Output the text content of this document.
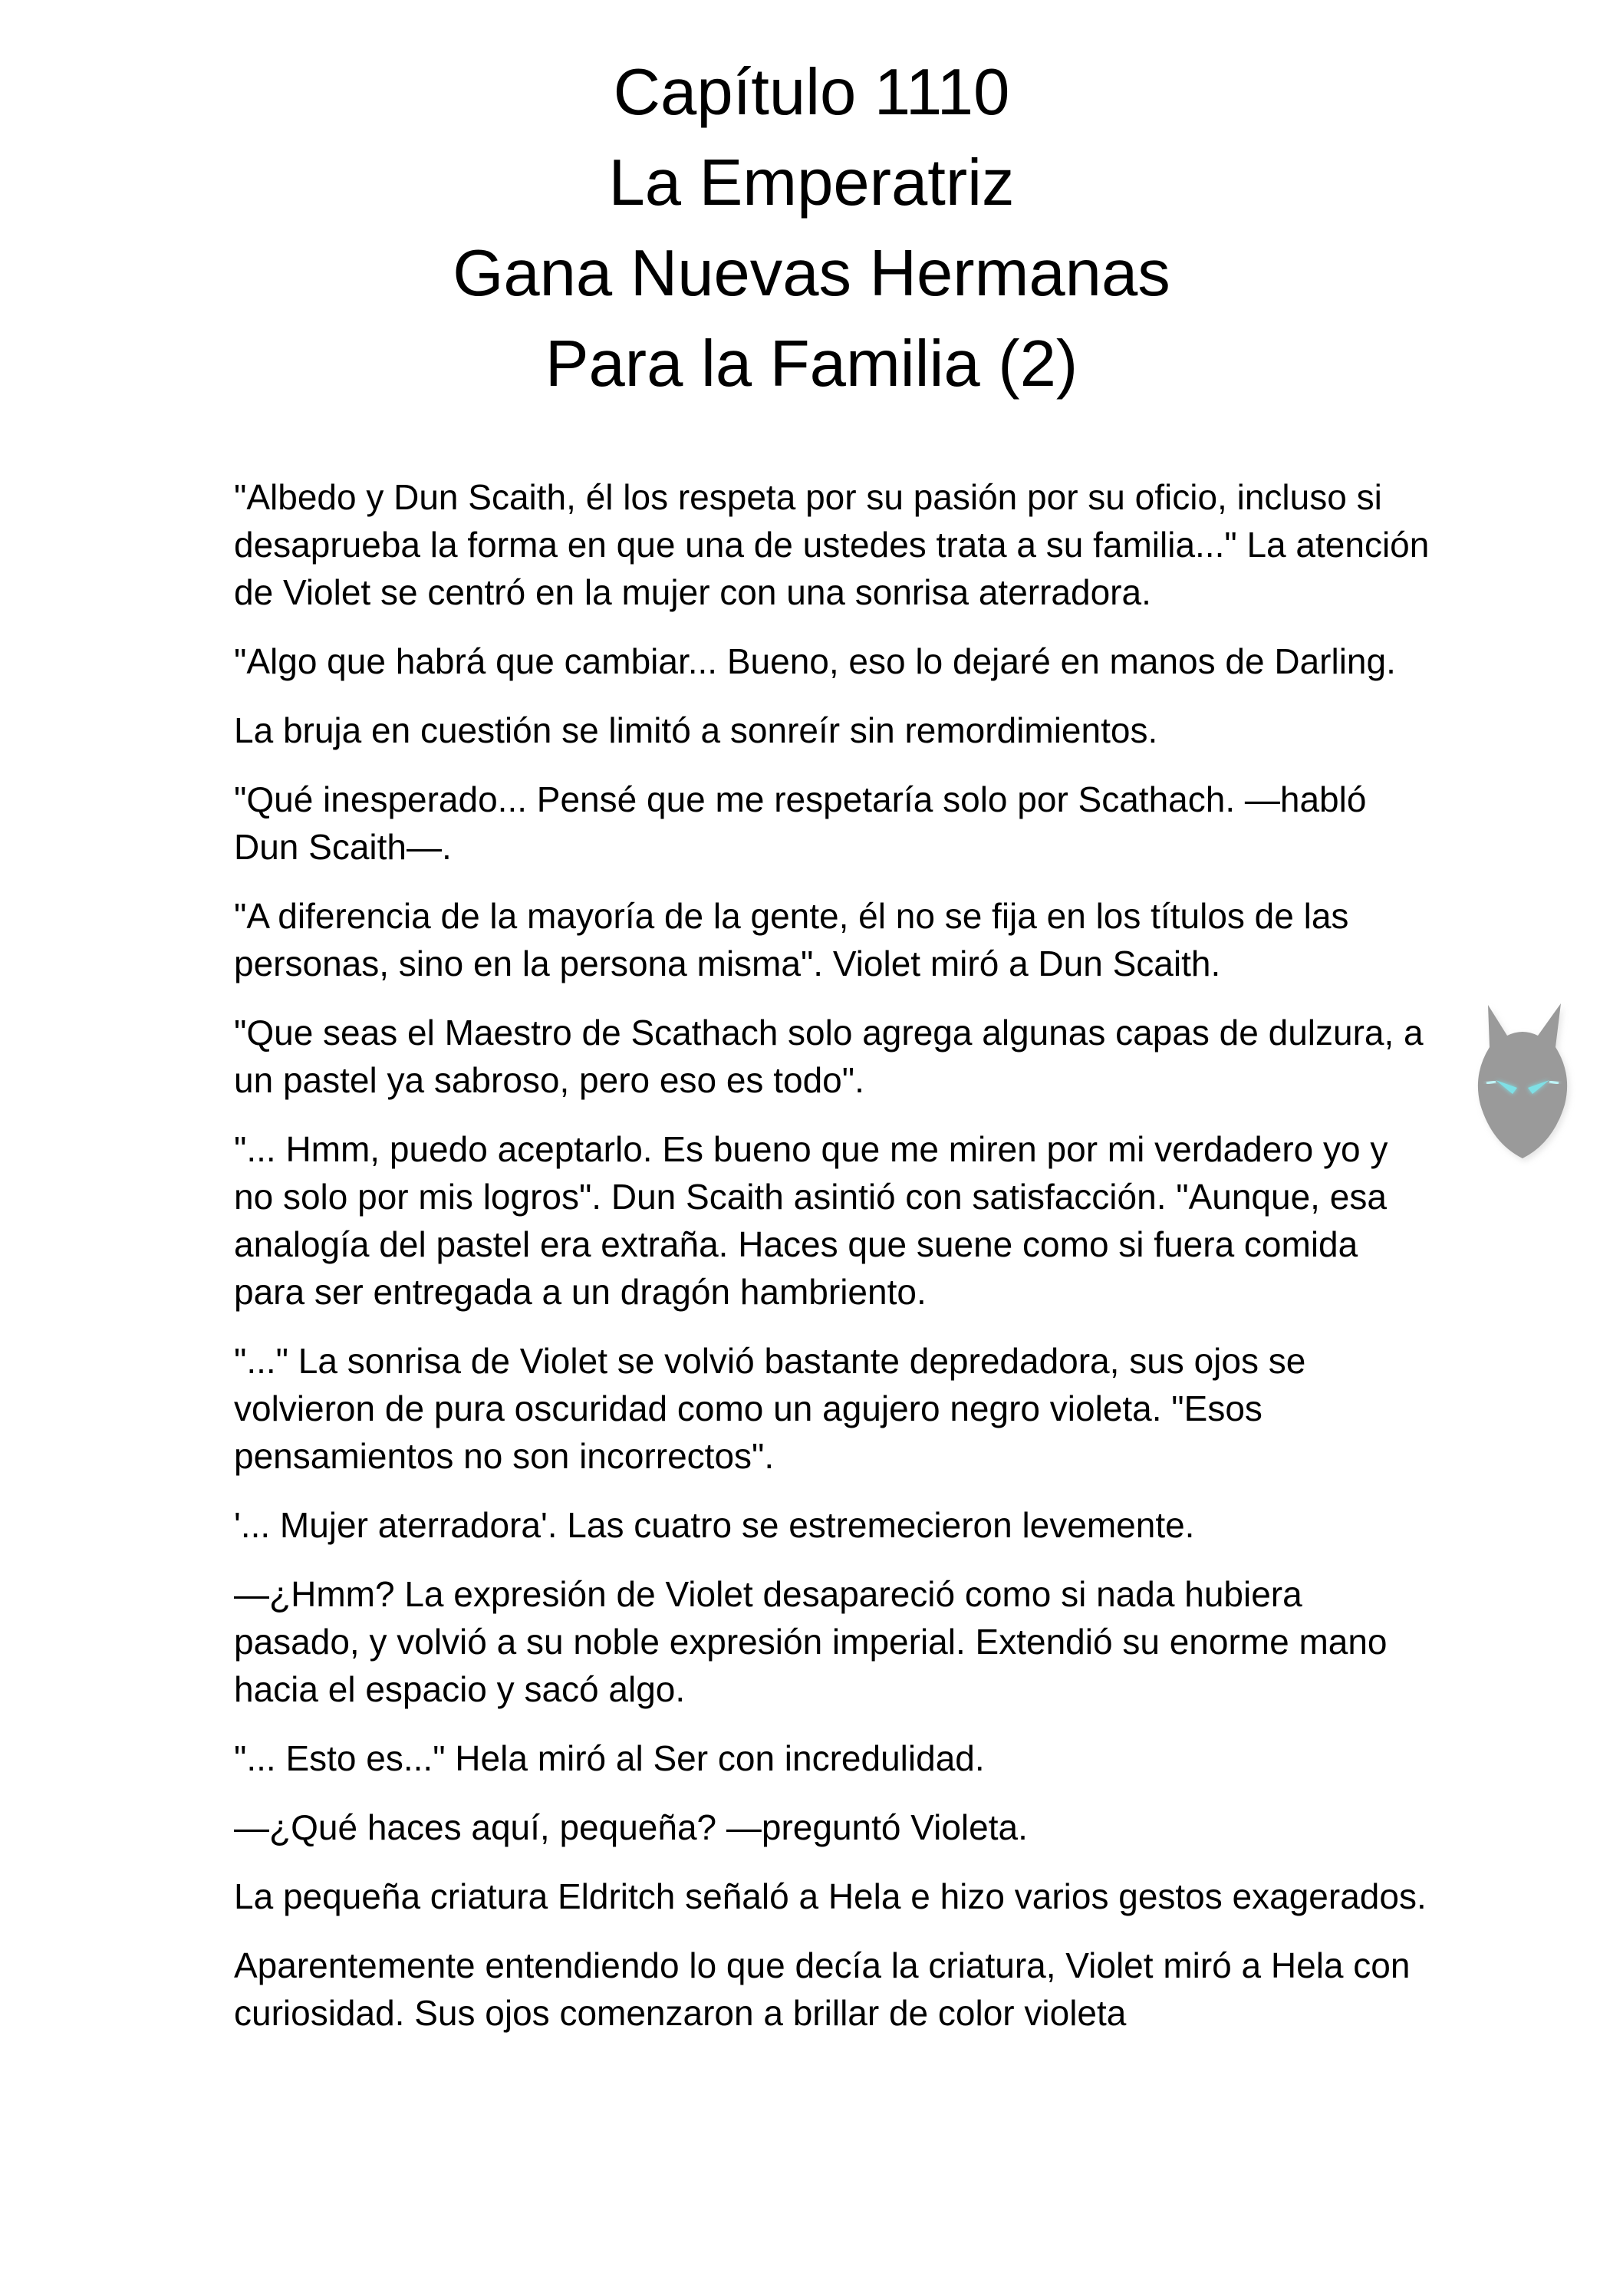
Capítulo 1110
La Emperatriz
Gana Nuevas Hermanas
Para la Familia (2)

"Albedo y Dun Scaith, él los respeta por su pasión por su oficio, incluso si desaprueba la forma en que una de ustedes trata a su familia..." La atención de Violet se centró en la mujer con una sonrisa aterradora.

"Algo que habrá que cambiar... Bueno, eso lo dejaré en manos de Darling.

La bruja en cuestión se limitó a sonreír sin remordimientos.

"Qué inesperado... Pensé que me respetaría solo por Scathach. —habló Dun Scaith—.

"A diferencia de la mayoría de la gente, él no se fija en los títulos de las personas, sino en la persona misma". Violet miró a Dun Scaith.

"Que seas el Maestro de Scathach solo agrega algunas capas de dulzura, a un pastel ya sabroso, pero eso es todo".

"... Hmm, puedo aceptarlo. Es bueno que me miren por mi verdadero yo y no solo por mis logros". Dun Scaith asintió con satisfacción. "Aunque, esa analogía del pastel era extraña. Haces que suene como si fuera comida para ser entregada a un dragón hambriento.

"..." La sonrisa de Violet se volvió bastante depredadora, sus ojos se volvieron de pura oscuridad como un agujero negro violeta. "Esos pensamientos no son incorrectos".

'... Mujer aterradora'. Las cuatro se estremecieron levemente.

—¿Hmm? La expresión de Violet desapareció como si nada hubiera pasado, y volvió a su noble expresión imperial. Extendió su enorme mano hacia el espacio y sacó algo.

"... Esto es..." Hela miró al Ser con incredulidad.

—¿Qué haces aquí, pequeña? —preguntó Violeta.

La pequeña criatura Eldritch señaló a Hela e hizo varios gestos exagerados.

Aparentemente entendiendo lo que decía la criatura, Violet miró a Hela con curiosidad. Sus ojos comenzaron a brillar de color violeta
